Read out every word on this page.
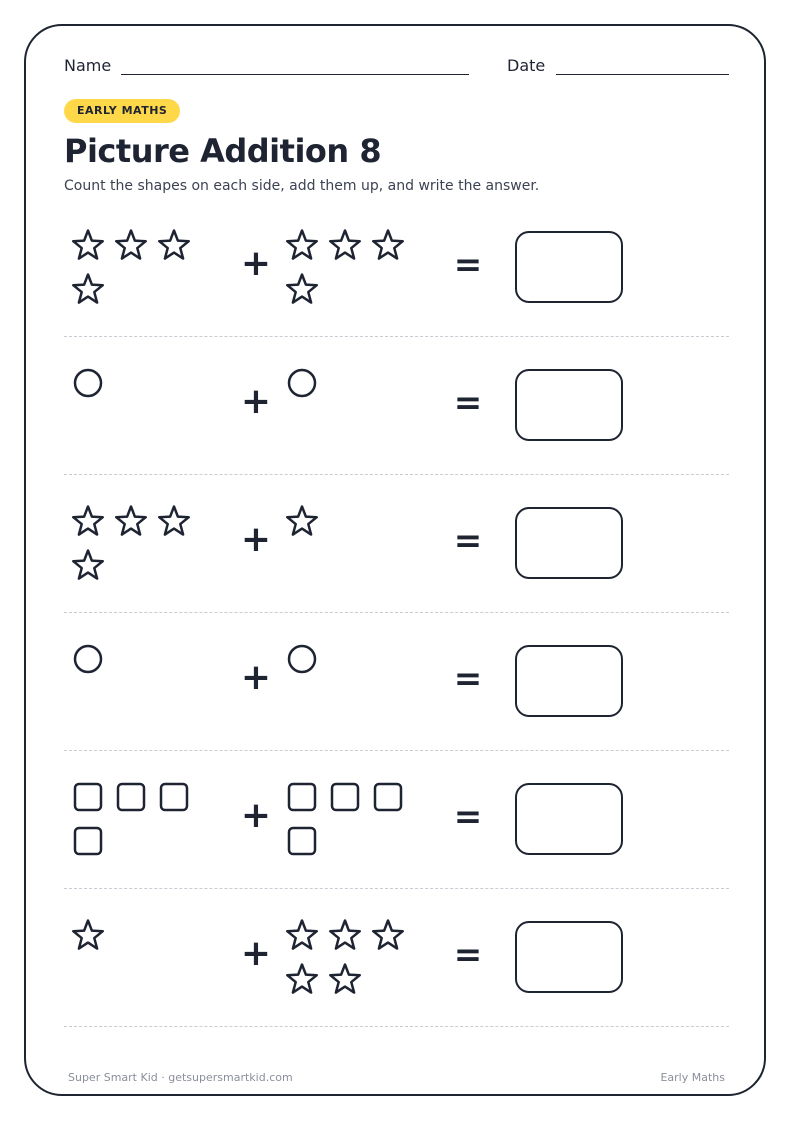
Name	Date
EARLY MATHS
Picture Addition 8
Count the shapes on each side, add them up, and write the answer.
+	=
+	=
+	=
+	=
+	=
+	=
Super Smart Kid · getsupersmartkid.com	Early Maths
